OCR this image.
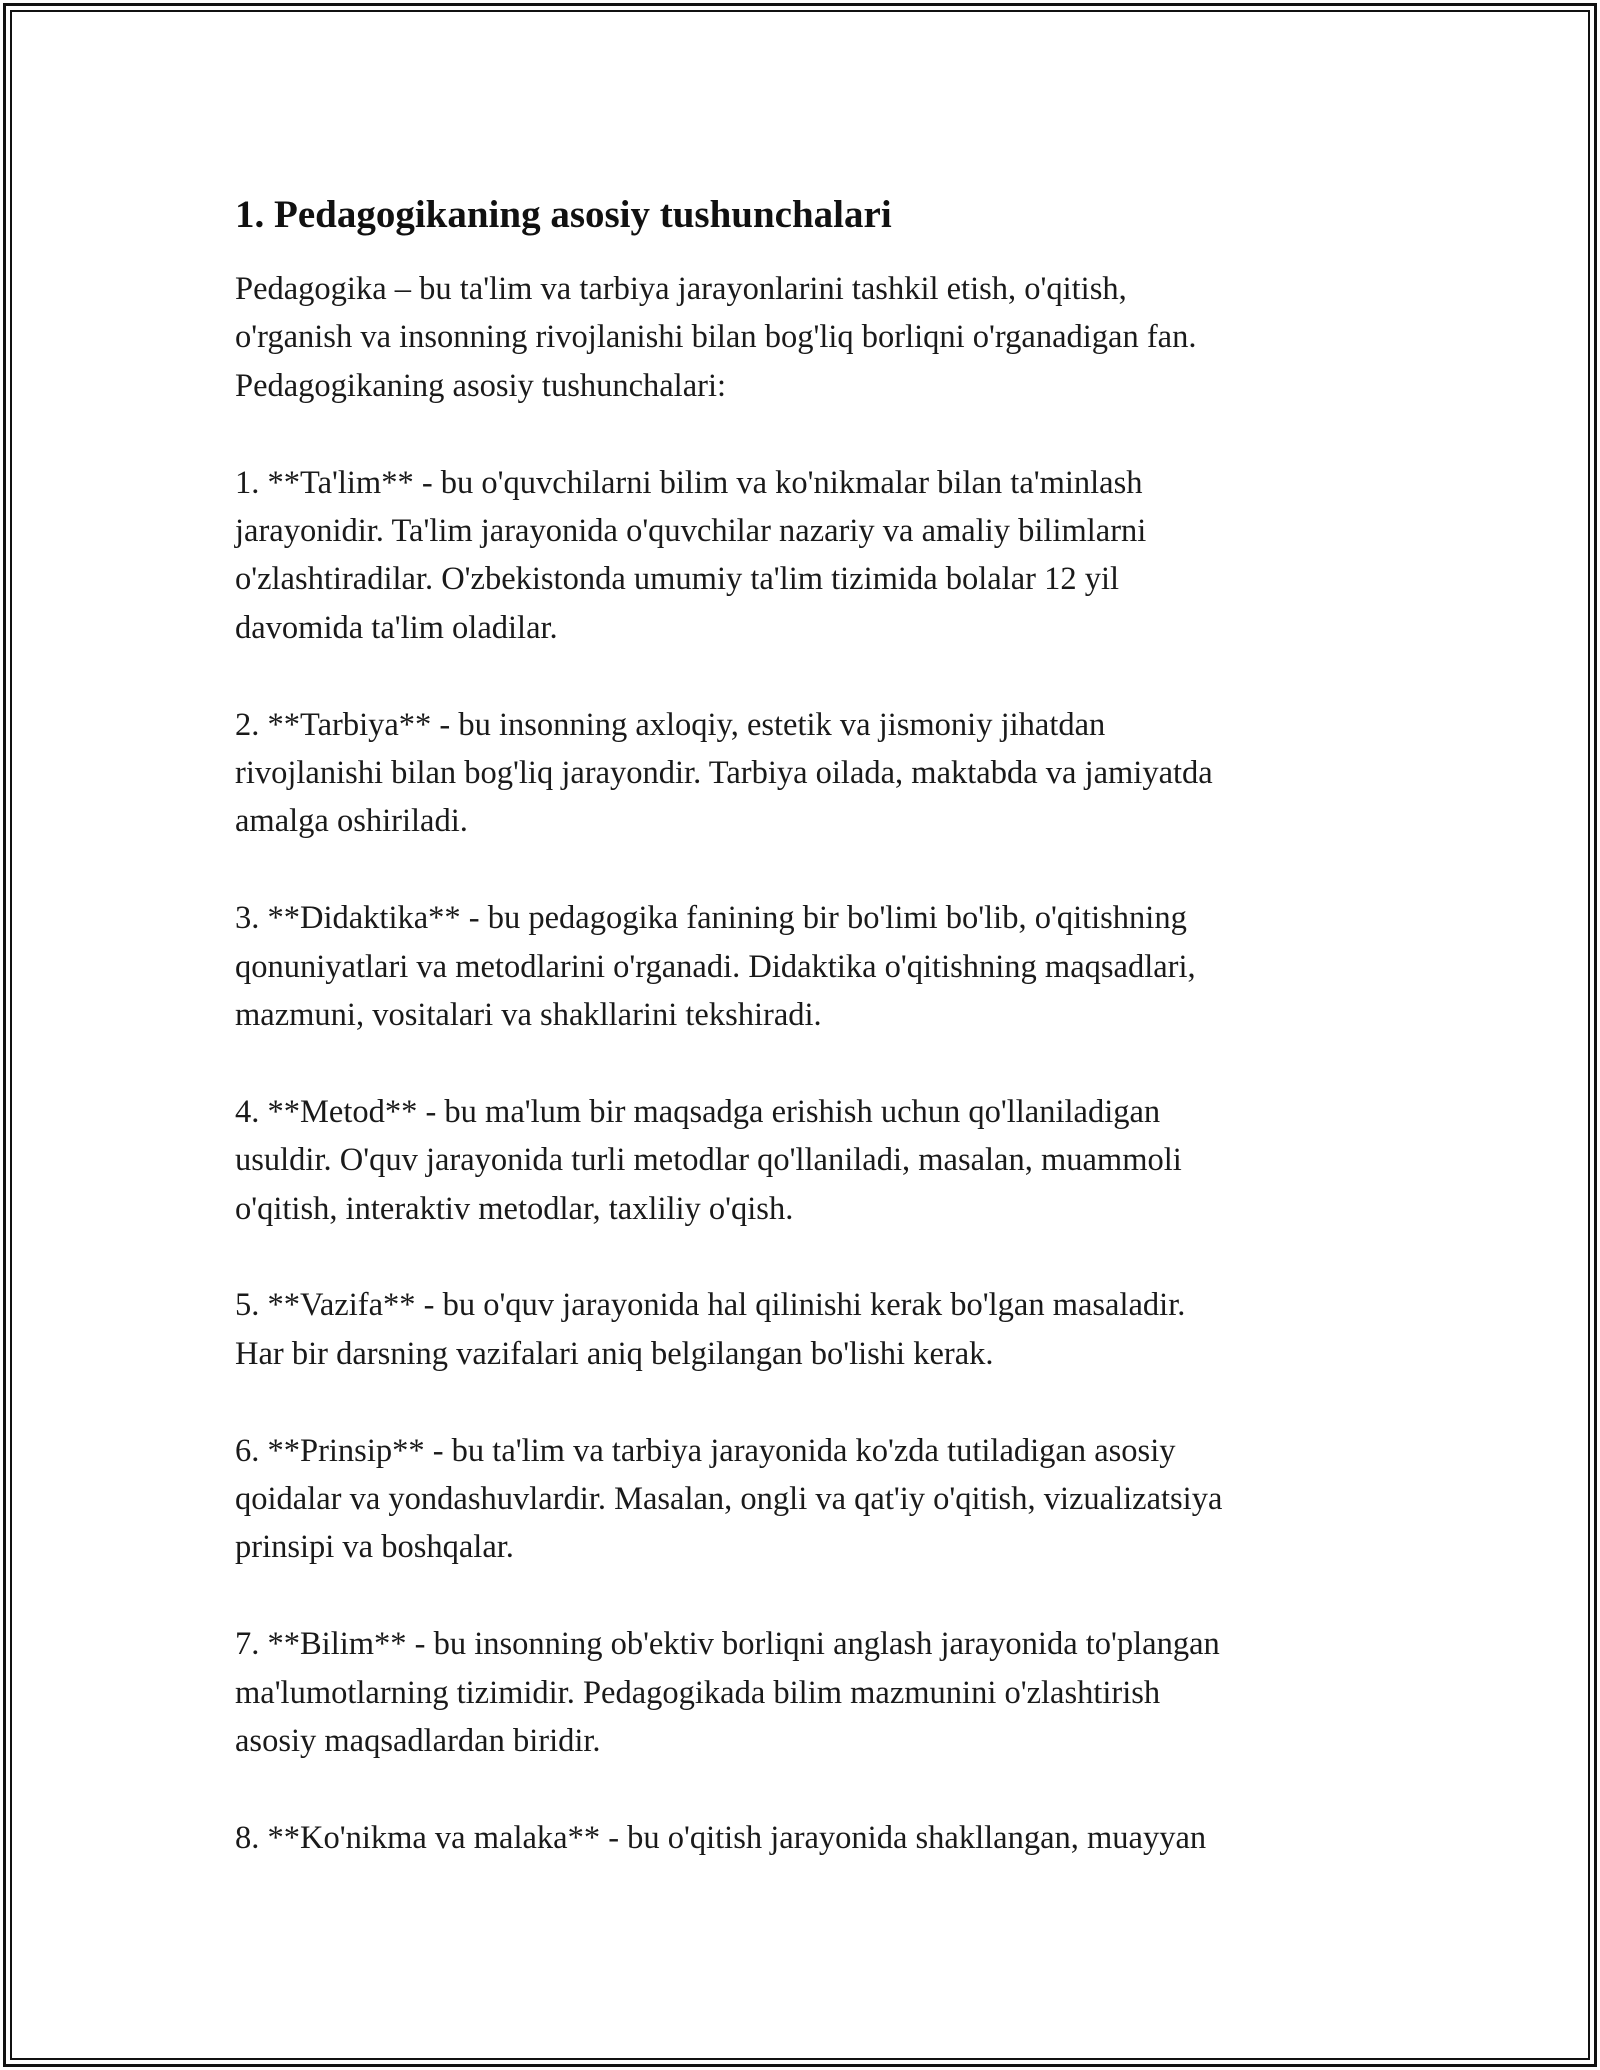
1. Pedagogikaning asosiy tushunchalari

Pedagogika – bu ta'lim va tarbiya jarayonlarini tashkil etish, o'qitish,
o'rganish va insonning rivojlanishi bilan bog'liq borliqni o'rganadigan fan.
Pedagogikaning asosiy tushunchalari:

1. **Ta'lim** - bu o'quvchilarni bilim va ko'nikmalar bilan ta'minlash
jarayonidir. Ta'lim jarayonida o'quvchilar nazariy va amaliy bilimlarni
o'zlashtiradilar. O'zbekistonda umumiy ta'lim tizimida bolalar 12 yil
davomida ta'lim oladilar.

2. **Tarbiya** - bu insonning axloqiy, estetik va jismoniy jihatdan
rivojlanishi bilan bog'liq jarayondir. Tarbiya oilada, maktabda va jamiyatda
amalga oshiriladi.

3. **Didaktika** - bu pedagogika fanining bir bo'limi bo'lib, o'qitishning
qonuniyatlari va metodlarini o'rganadi. Didaktika o'qitishning maqsadlari,
mazmuni, vositalari va shakllarini tekshiradi.

4. **Metod** - bu ma'lum bir maqsadga erishish uchun qo'llaniladigan
usuldir. O'quv jarayonida turli metodlar qo'llaniladi, masalan, muammoli
o'qitish, interaktiv metodlar, taxliliy o'qish.

5. **Vazifa** - bu o'quv jarayonida hal qilinishi kerak bo'lgan masaladir.
Har bir darsning vazifalari aniq belgilangan bo'lishi kerak.

6. **Prinsip** - bu ta'lim va tarbiya jarayonida ko'zda tutiladigan asosiy
qoidalar va yondashuvlardir. Masalan, ongli va qat'iy o'qitish, vizualizatsiya
prinsipi va boshqalar.

7. **Bilim** - bu insonning ob'ektiv borliqni anglash jarayonida to'plangan
ma'lumotlarning tizimidir. Pedagogikada bilim mazmunini o'zlashtirish
asosiy maqsadlardan biridir.

8. **Ko'nikma va malaka** - bu o'qitish jarayonida shakllangan, muayyan
